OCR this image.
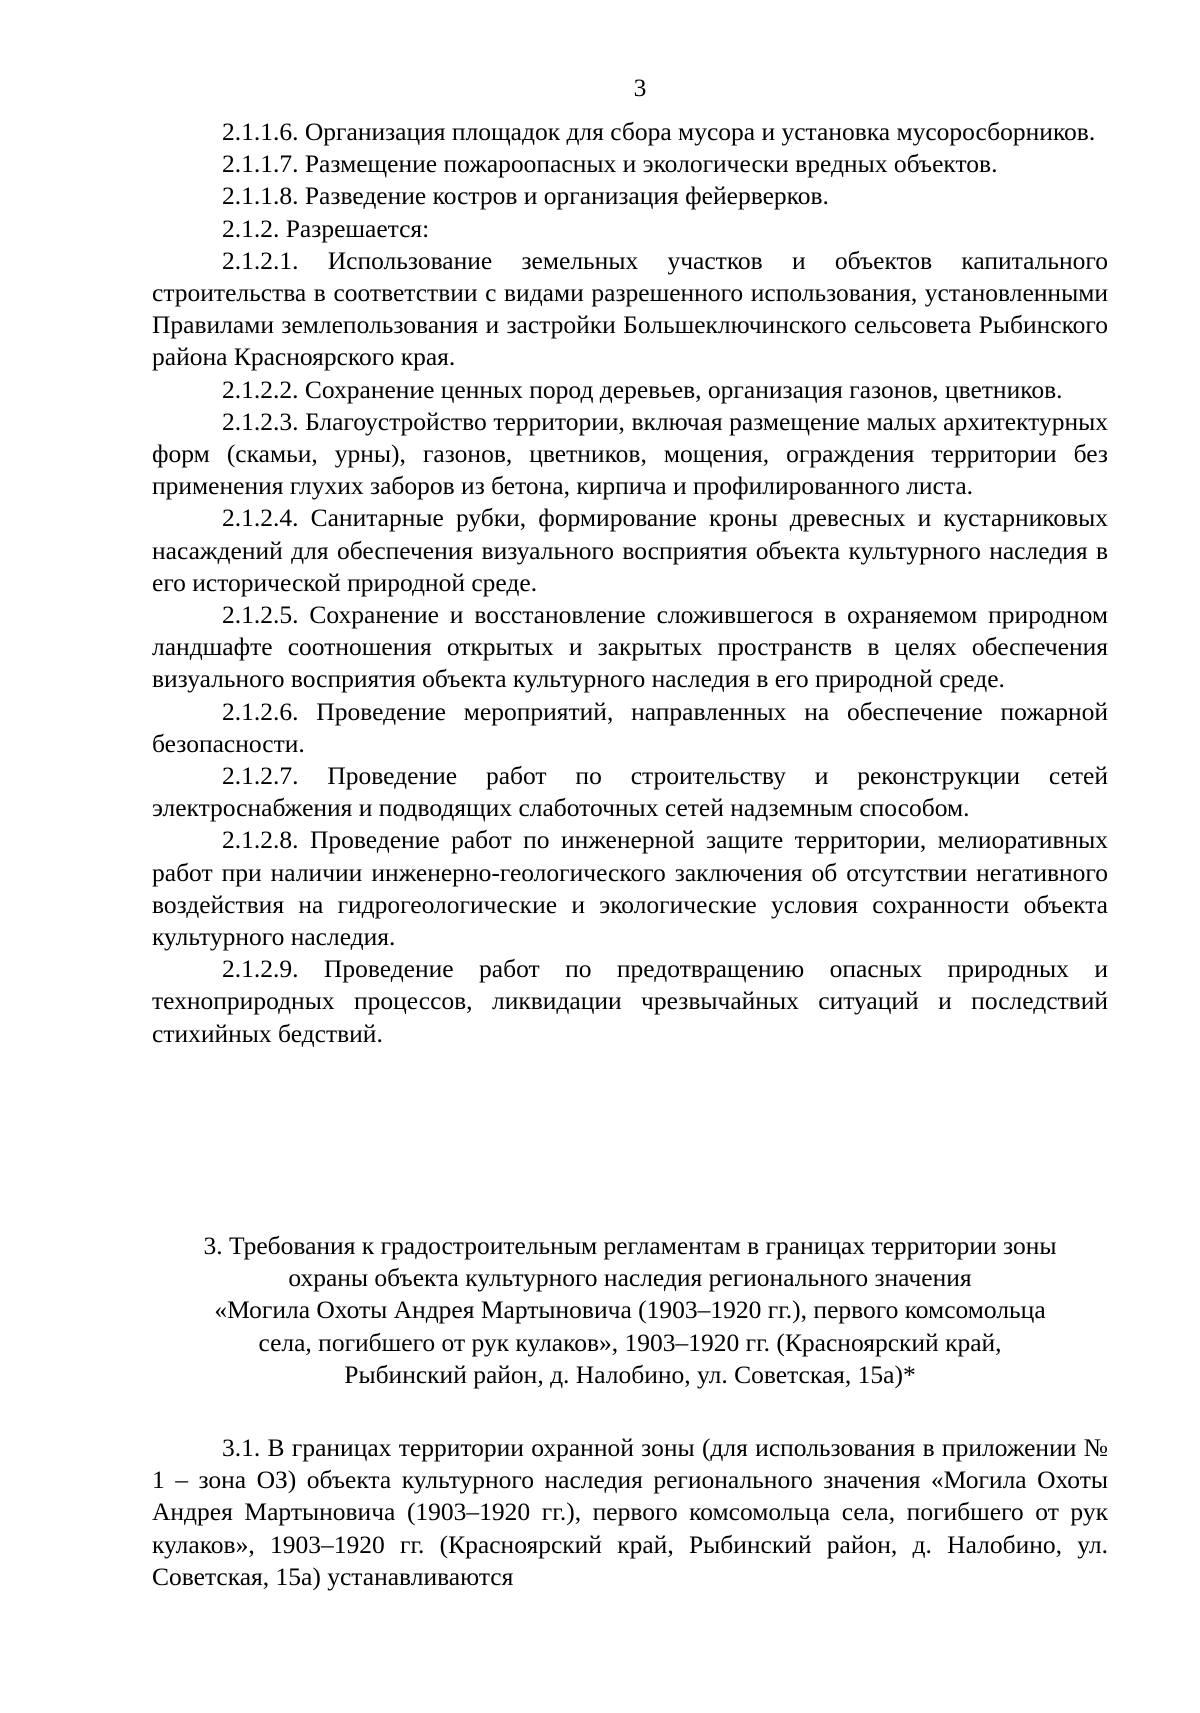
3

2.1.1.6. Организация площадок для сбора мусора и установка мусоросборников.

2.1.1.7. Размещение пожароопасных и экологически вредных объектов.

2.1.1.8. Разведение костров и организация фейерверков.

2.1.2. Разрешается:

2.1.2.1. Использование земельных участков и объектов капитального строительства в соответствии с видами разрешенного использования, установленными Правилами землепользования и застройки Большеключинского сельсовета Рыбинского района Красноярского края.

2.1.2.2. Сохранение ценных пород деревьев, организация газонов, цветников.

2.1.2.3. Благоустройство территории, включая размещение малых архитектурных форм (скамьи, урны), газонов, цветников, мощения, ограждения территории без применения глухих заборов из бетона, кирпича и профилированного листа.

2.1.2.4. Санитарные рубки, формирование кроны древесных и кустарниковых насаждений для обеспечения визуального восприятия объекта культурного наследия в его исторической природной среде.

2.1.2.5. Сохранение и восстановление сложившегося в охраняемом природном ландшафте соотношения открытых и закрытых пространств в целях обеспечения визуального восприятия объекта культурного наследия в его природной среде.

2.1.2.6. Проведение мероприятий, направленных на обеспечение пожарной безопасности.

2.1.2.7. Проведение работ по строительству и реконструкции сетей электроснабжения и подводящих слаботочных сетей надземным способом.

2.1.2.8. Проведение работ по инженерной защите территории, мелиоративных работ при наличии инженерно-геологического заключения об отсутствии негативного воздействия на гидрогеологические и экологические условия сохранности объекта культурного наследия.

2.1.2.9. Проведение работ по предотвращению опасных природных и техноприродных процессов, ликвидации чрезвычайных ситуаций и последствий стихийных бедствий.

3. Требования к градостроительным регламентам в границах территории зоны
охраны объекта культурного наследия регионального значения
«Могила Охоты Андрея Мартыновича (1903–1920 гг.), первого комсомольца
села, погибшего от рук кулаков», 1903–1920 гг. (Красноярский край,
Рыбинский район, д. Налобино, ул. Советская, 15а)*

3.1. В границах территории охранной зоны (для использования в приложении № 1 – зона ОЗ) объекта культурного наследия регионального значения «Могила Охоты Андрея Мартыновича (1903–1920 гг.), первого комсомольца села, погибшего от рук кулаков», 1903–1920 гг. (Красноярский край, Рыбинский район, д. Налобино, ул. Советская, 15а) устанавливаются
